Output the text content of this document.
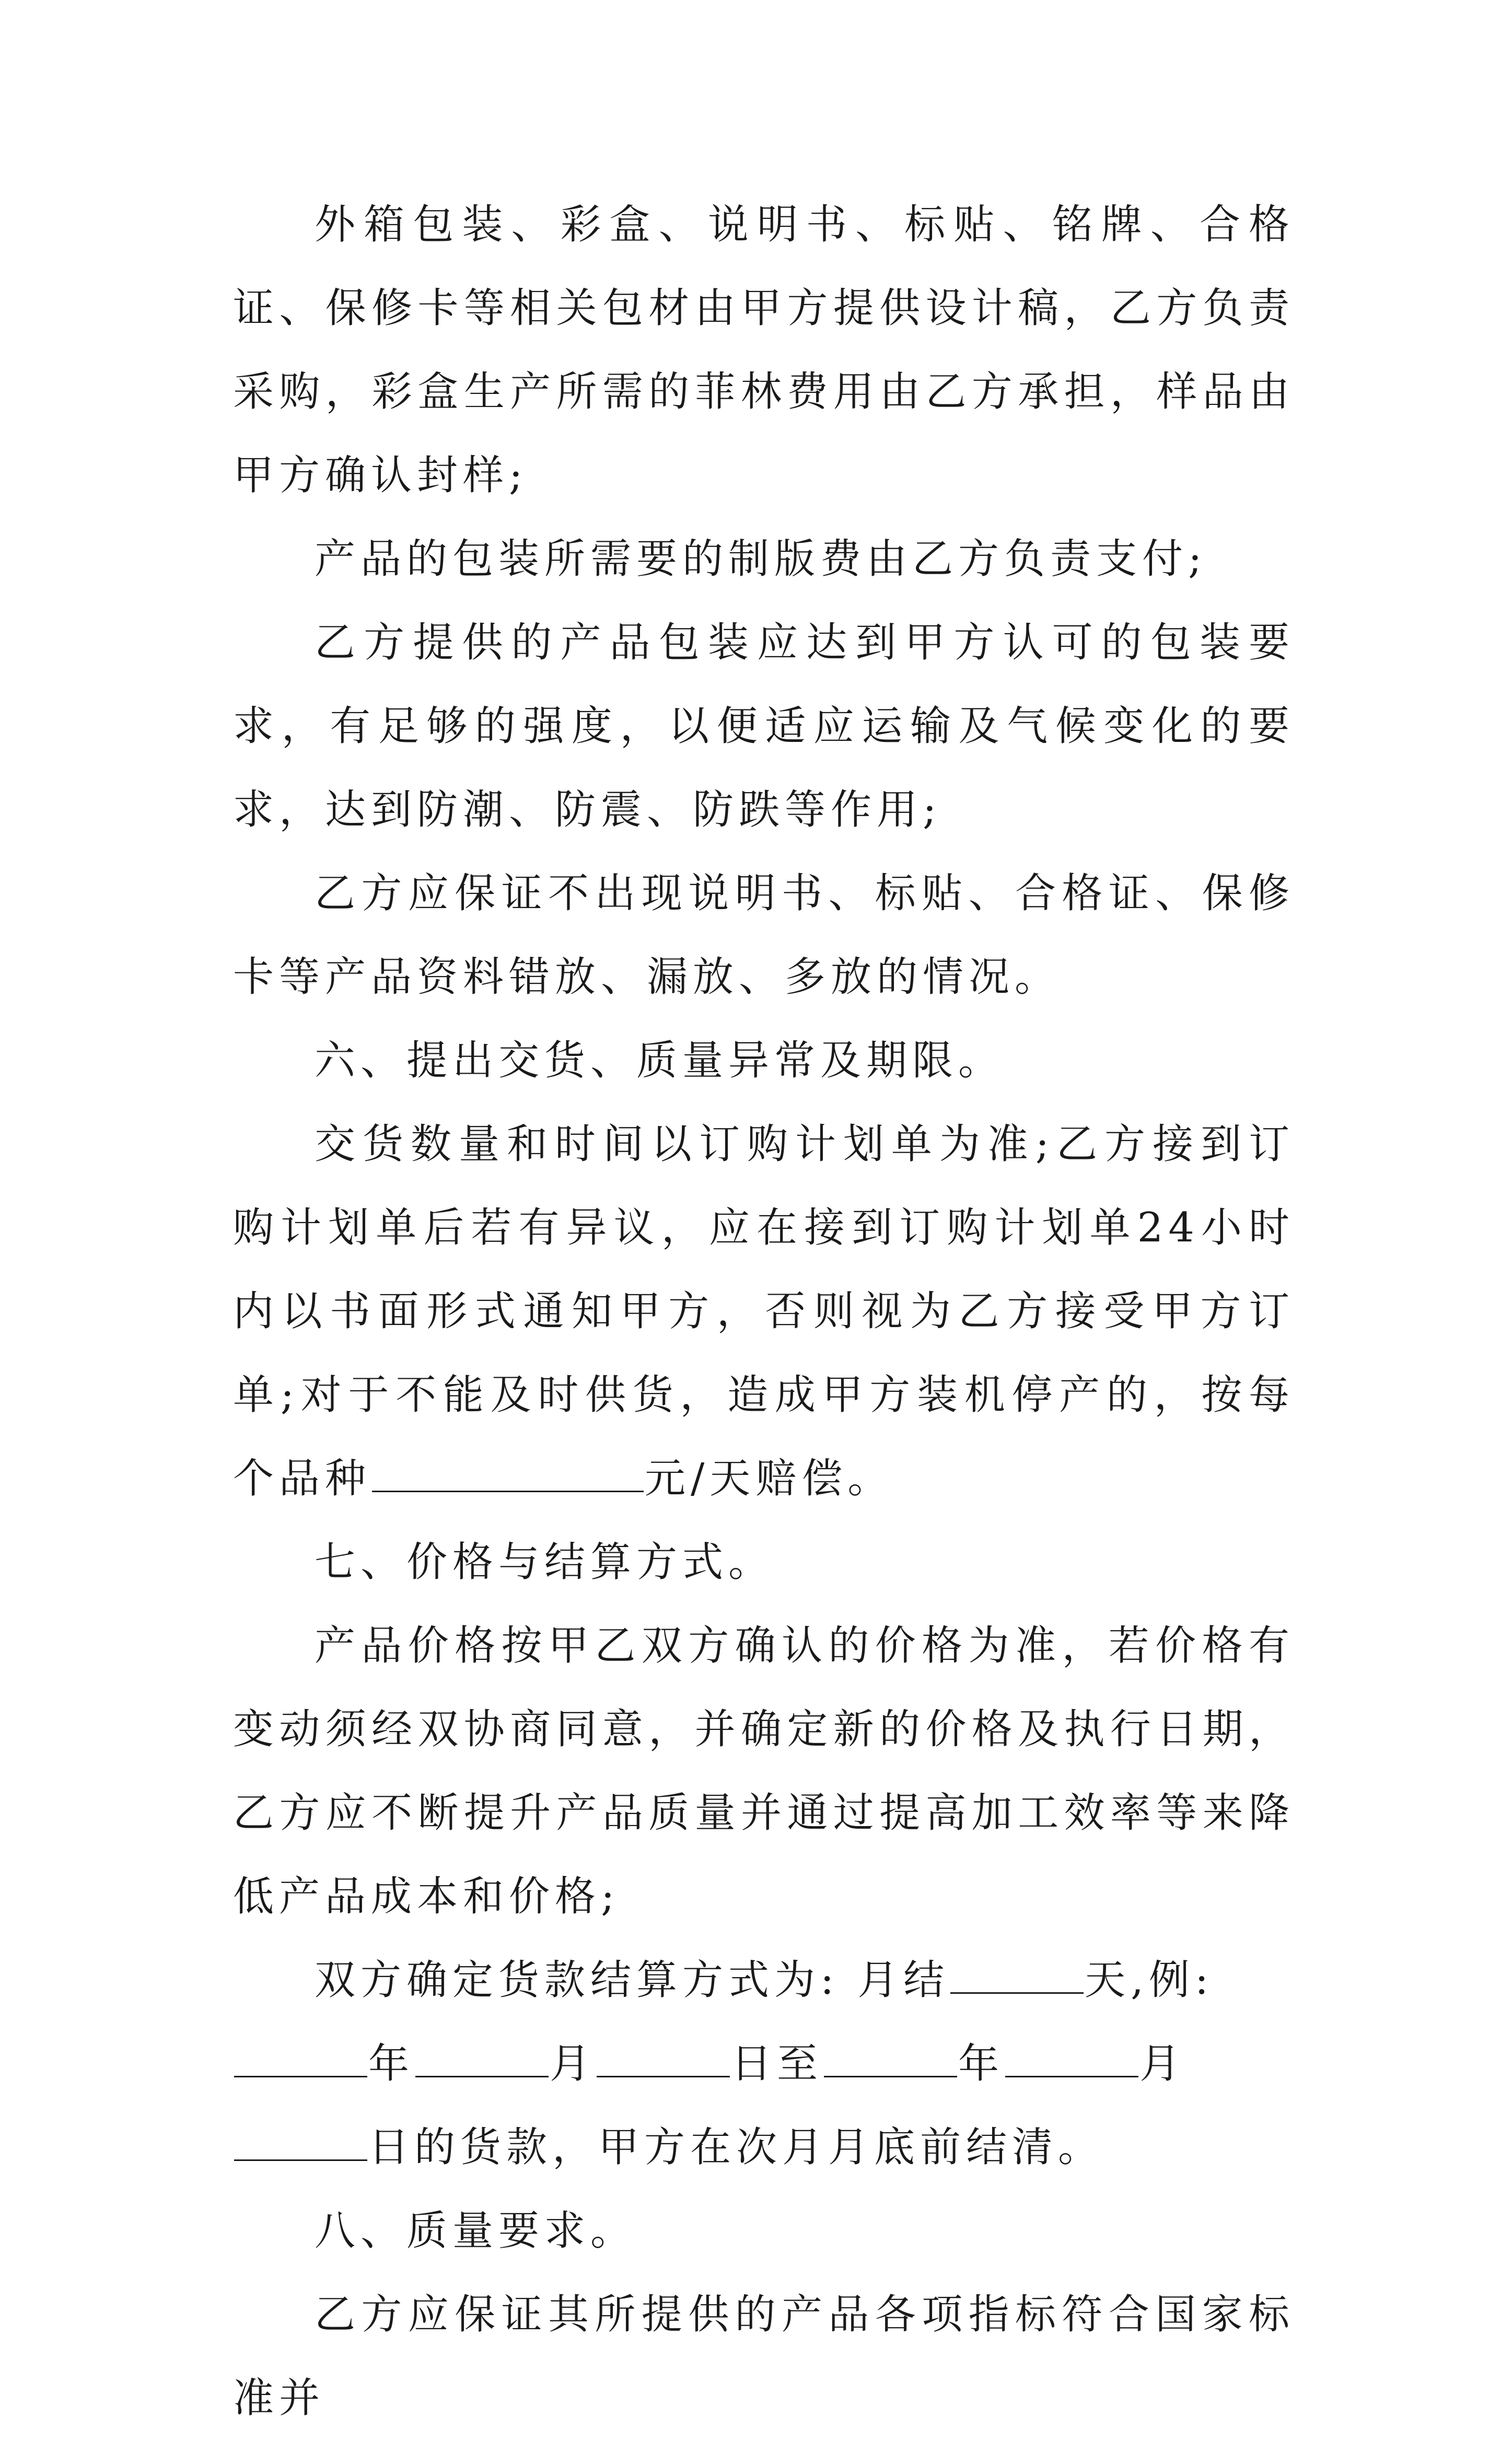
外箱包装、彩盒、说明书、标贴、铭牌、合格证、保修卡等相关包材由甲方提供设计稿，乙方负责采购，彩盒生产所需的菲林费用由乙方承担，样品由甲方确认封样;

产品的包装所需要的制版费由乙方负责支付;

乙方提供的产品包装应达到甲方认可的包装要求，有足够的强度，以便适应运输及气候变化的要求，达到防潮、防震、防跌等作用;

乙方应保证不出现说明书、标贴、合格证、保修卡等产品资料错放、漏放、多放的情况。

六、提出交货、质量异常及期限。

交货数量和时间以订购计划单为准;乙方接到订购计划单后若有异议，应在接到订购计划单24小时内以书面形式通知甲方，否则视为乙方接受甲方订单;对于不能及时供货，造成甲方装机停产的，按每个品种	元/天赔偿。

七、价格与结算方式。

产品价格按甲乙双方确认的价格为准，若价格有变动须经双协商同意，并确定新的价格及执行日期，乙方应不断提升产品质量并通过提高加工效率等来降低产品成本和价格;

双方确定货款结算方式为: 月结	天,例:年	月	日至	年	月日的货款，甲方在次月月底前结清。

八、质量要求。

乙方应保证其所提供的产品各项指标符合国家标准并
